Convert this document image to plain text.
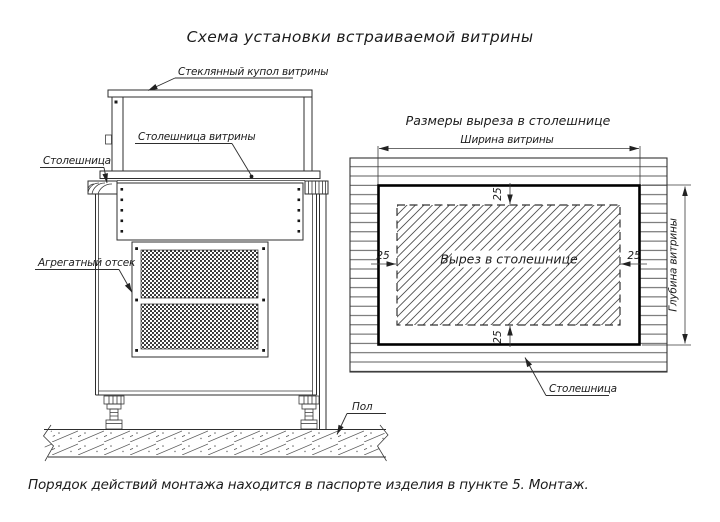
Схема установки встраиваемой витрины
Стеклянный купол витрины
Столешница витрины
Столешница
Агрегатный отсек
Пол
Размеры выреза в столешнице
Ширина витрины
Вырез в столешнице
25
25
25	25	Глубина витрины
Столешница
Порядок действий монтажа находится в паспорте изделия в пункте 5. Монтаж.
